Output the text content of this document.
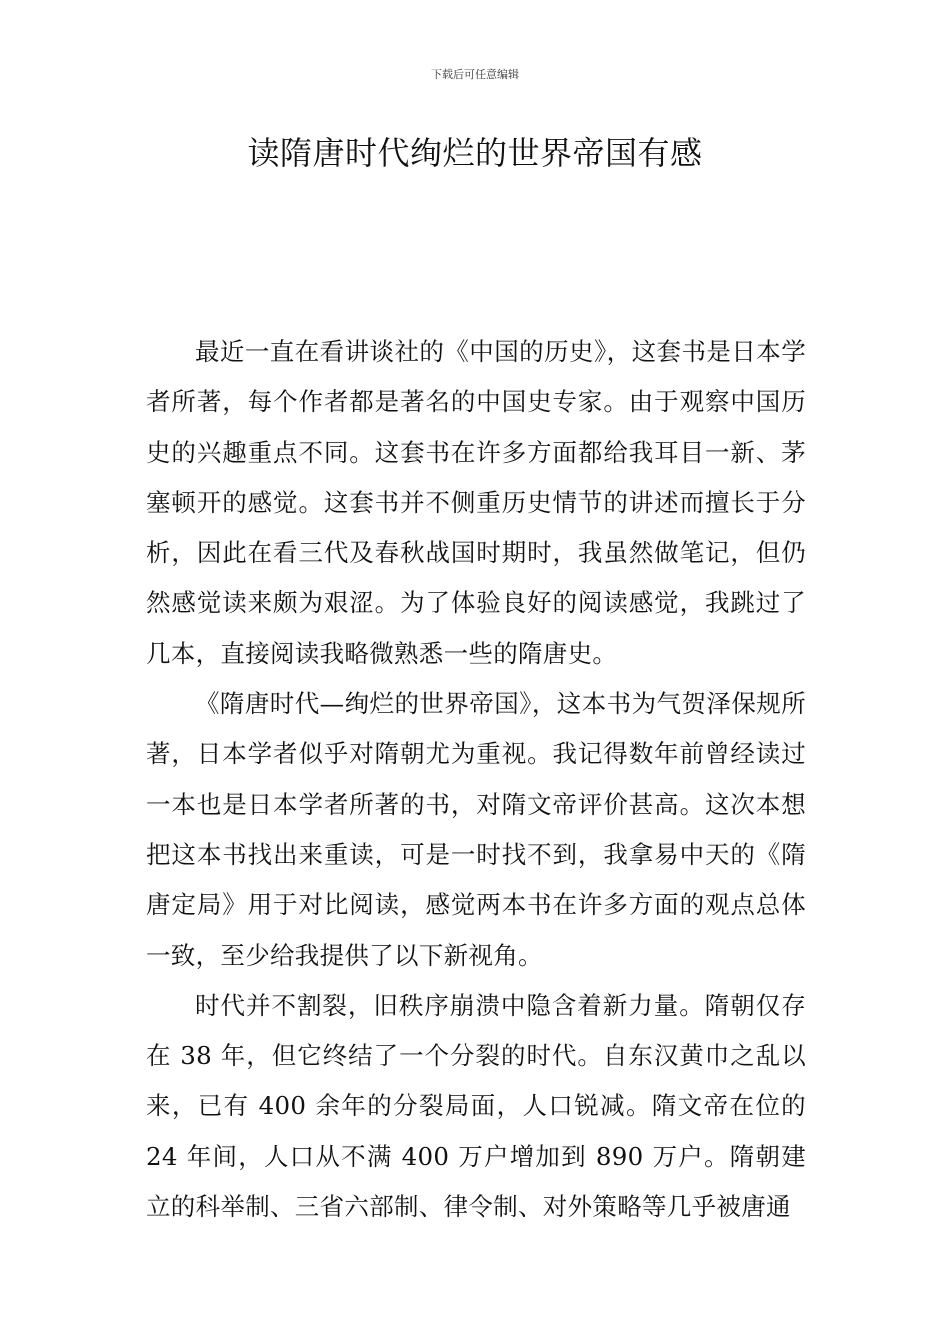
下载后可任意编辑
读隋唐时代绚烂的世界帝国有感

最近一直在看讲谈社的《中国的历史》，这套书是日本学者所著，每个作者都是著名的中国史专家。由于观察中国历史的兴趣重点不同。这套书在许多方面都给我耳目一新、茅塞顿开的感觉。这套书并不侧重历史情节的讲述而擅长于分析，因此在看三代及春秋战国时期时，我虽然做笔记，但仍然感觉读来颇为艰涩。为了体验良好的阅读感觉，我跳过了几本，直接阅读我略微熟悉一些的隋唐史。

《隋唐时代—绚烂的世界帝国》，这本书为气贺泽保规所著，日本学者似乎对隋朝尤为重视。我记得数年前曾经读过一本也是日本学者所著的书，对隋文帝评价甚高。这次本想把这本书找出来重读，可是一时找不到，我拿易中天的《隋唐定局》用于对比阅读，感觉两本书在许多方面的观点总体一致，至少给我提供了以下新视角。

时代并不割裂，旧秩序崩溃中隐含着新力量。隋朝仅存在 38 年，但它终结了一个分裂的时代。自东汉黄巾之乱以来，已有 400 余年的分裂局面，人口锐减。隋文帝在位的 24 年间，人口从不满 400 万户增加到 890 万户。隋朝建立的科举制、三省六部制、律令制、对外策略等几乎被唐通
